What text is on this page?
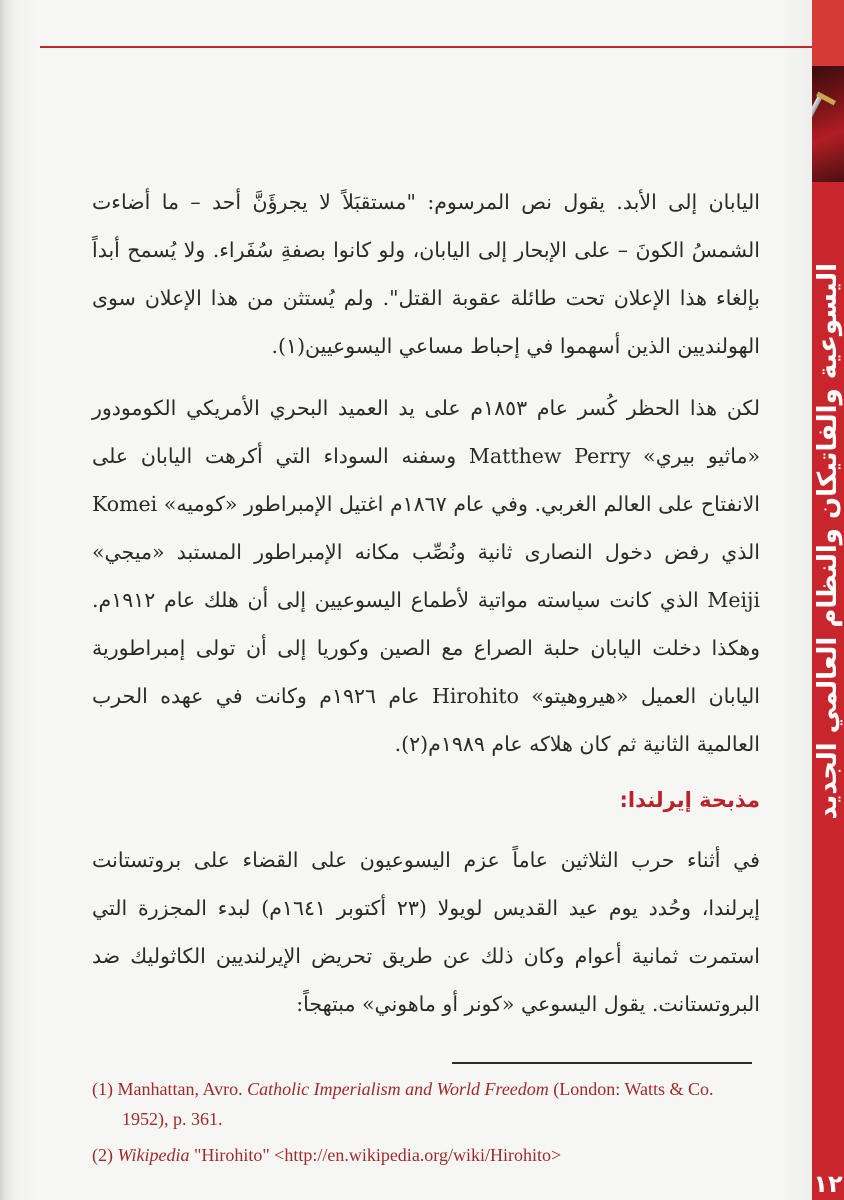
اليسوعية والفاتيكان والنظام العالمي الجديد
١٢

اليابان إلى الأبد. يقول نص المرسوم: "مستقبَلاً لا يجرؤَنَّ أحد – ما أضاءت الشمسُ الكونَ – على الإبحار إلى اليابان، ولو كانوا بصفةِ سُفَراء. ولا يُسمح أبداً بإلغاء هذا الإعلان تحت طائلة عقوبة القتل". ولم يُستثن من هذا الإعلان سوى الهولنديين الذين أسهموا في إحباط مساعي اليسوعيين(١).

لكن هذا الحظر كُسر عام ١٨٥٣م على يد العميد البحري الأمريكي الكومودور «ماثيو بيري» Matthew Perry وسفنه السوداء التي أكرهت اليابان على الانفتاح على العالم الغربي. وفي عام ١٨٦٧م اغتيل الإمبراطور «كوميه» Komei الذي رفض دخول النصارى ثانية ونُصِّب مكانه الإمبراطور المستبد «ميجي» Meiji الذي كانت سياسته مواتية لأطماع اليسوعيين إلى أن هلك عام ١٩١٢م. وهكذا دخلت اليابان حلبة الصراع مع الصين وكوريا إلى أن تولى إمبراطورية اليابان العميل «هيروهيتو» Hirohito عام ١٩٢٦م وكانت في عهده الحرب العالمية الثانية ثم كان هلاكه عام ١٩٨٩م(٢).

مذبحة إيرلندا:

في أثناء حرب الثلاثين عاماً عزم اليسوعيون على القضاء على بروتستانت إيرلندا، وحُدد يوم عيد القديس لويولا (٢٣ أكتوبر ١٦٤١م) لبدء المجزرة التي استمرت ثمانية أعوام وكان ذلك عن طريق تحريض الإيرلنديين الكاثوليك ضد البروتستانت. يقول اليسوعي «كونر أو ماهوني» مبتهجاً:

(1) Manhattan, Avro. Catholic Imperialism and World Freedom (London: Watts & Co. 1952), p. 361.
(2) Wikipedia "Hirohito" <http://en.wikipedia.org/wiki/Hirohito>
